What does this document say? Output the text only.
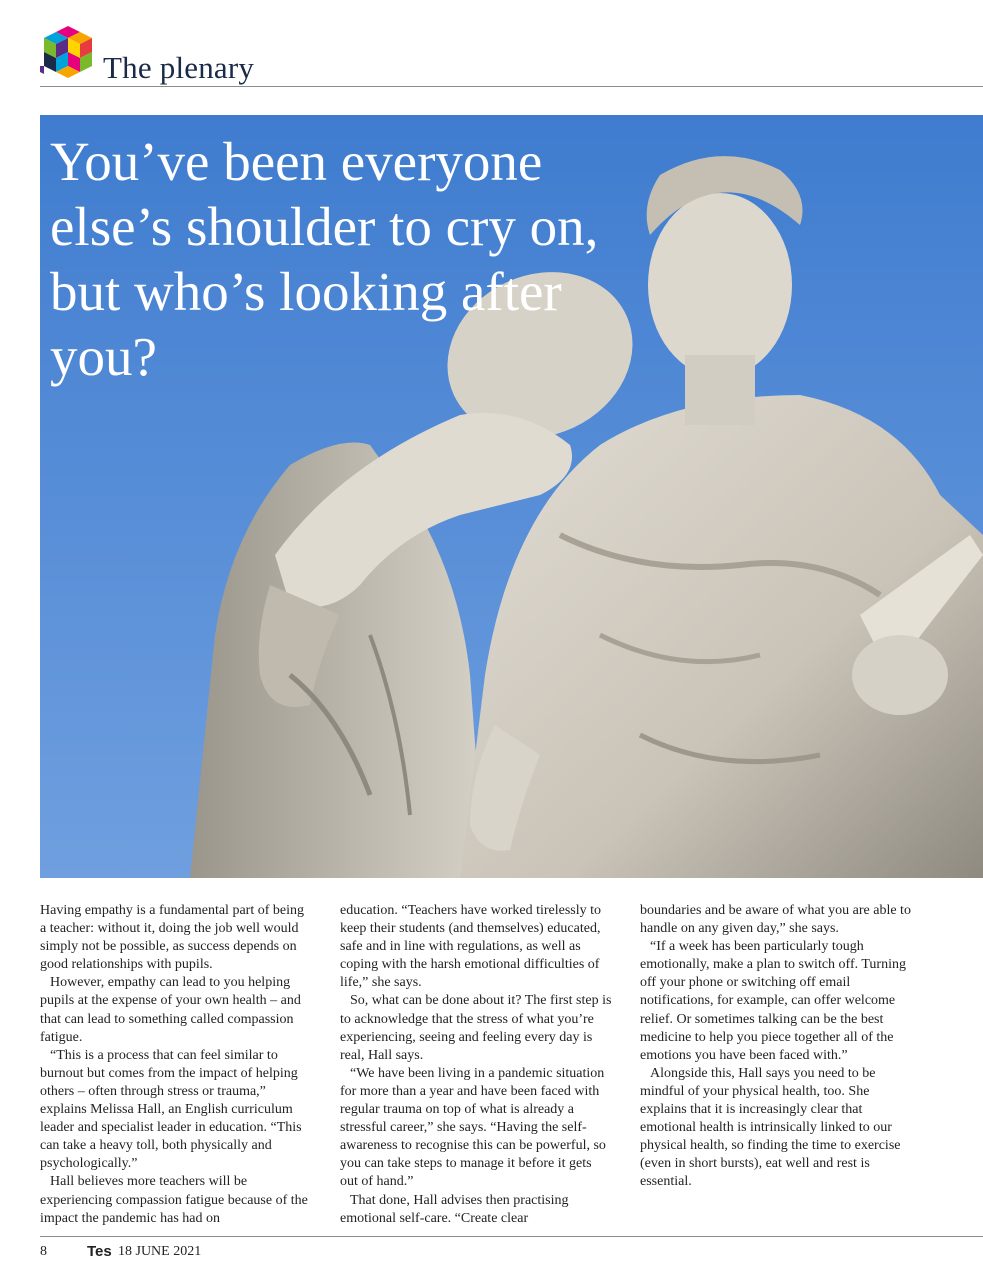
The plenary
You’ve been everyone else’s shoulder to cry on, but who’s looking after you?

Having empathy is a fundamental part of being a teacher: without it, doing the job well would simply not be possible, as success depends on good relationships with pupils.

However, empathy can lead to you helping pupils at the expense of your own health – and that can lead to something called compassion fatigue.

“This is a process that can feel similar to burnout but comes from the impact of helping others – often through stress or trauma,” explains Melissa Hall, an English curriculum leader and specialist leader in education. “This can take a heavy toll, both physically and psychologically.”

Hall believes more teachers will be experiencing compassion fatigue because of the impact the pandemic has had on

education. “Teachers have worked tirelessly to keep their students (and themselves) educated, safe and in line with regulations, as well as coping with the harsh emotional difficulties of life,” she says.

So, what can be done about it? The first step is to acknowledge that the stress of what you’re experiencing, seeing and feeling every day is real, Hall says.

“We have been living in a pandemic situation for more than a year and have been faced with regular trauma on top of what is already a stressful career,” she says. “Having the self-awareness to recognise this can be powerful, so you can take steps to manage it before it gets out of hand.”

That done, Hall advises then practising emotional self-care. “Create clear

boundaries and be aware of what you are able to handle on any given day,” she says.

“If a week has been particularly tough emotionally, make a plan to switch off. Turning off your phone or switching off email notifications, for example, can offer welcome relief. Or sometimes talking can be the best medicine to help you piece together all of the emotions you have been faced with.”

Alongside this, Hall says you need to be mindful of your physical health, too. She explains that it is increasingly clear that emotional health is intrinsically linked to our physical health, so finding the time to exercise (even in short bursts), eat well and rest is essential.

8	Tes 18 JUNE 2021
